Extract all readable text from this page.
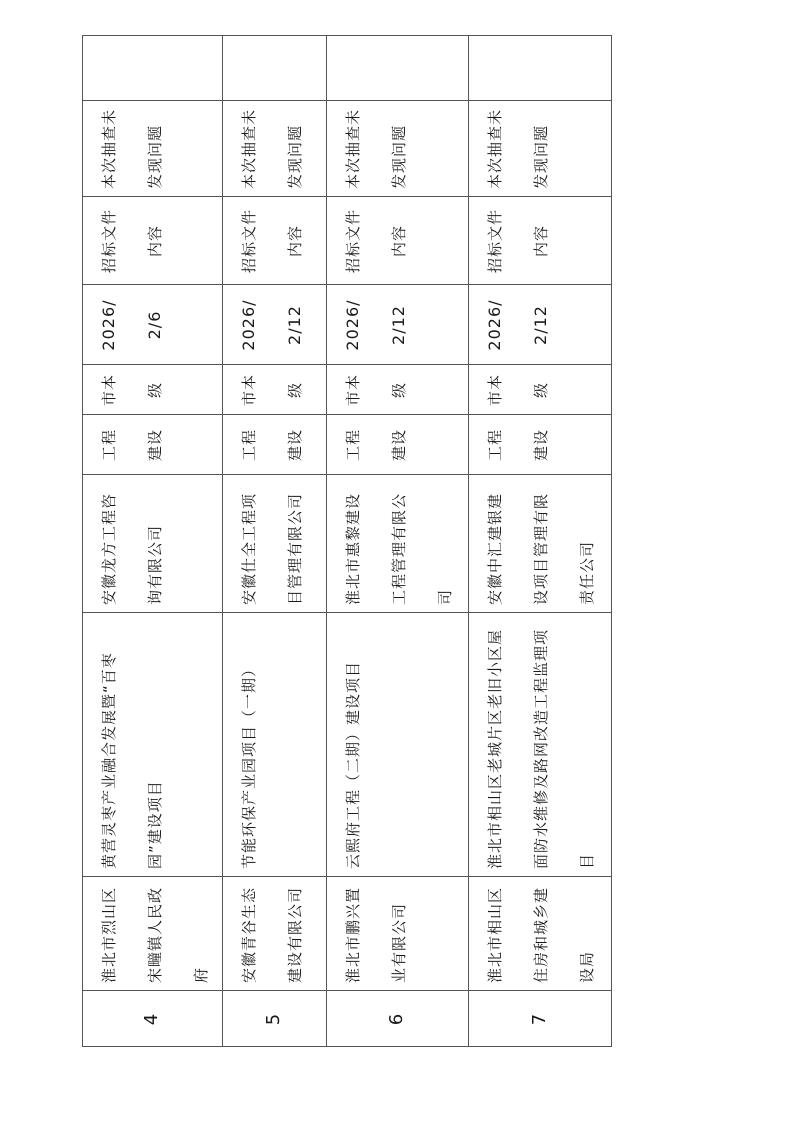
4
淮北市烈山区宋疃镇人民政府
黄营灵枣产业融合发展暨“百枣园”建设项目
安徽龙方工程咨询有限公司
工程建设
市本级
2026/2/6
招标文件内容
本次抽查未发现问题
5
安徽青谷生态建设有限公司
节能环保产业园项目（一期）
安徽仕全工程项目管理有限公司
工程建设
市本级
2026/2/12
招标文件内容
本次抽查未发现问题
6
淮北市鹏兴置业有限公司
云熙府工程（二期）建设项目
淮北市惠黎建设工程管理有限公司
工程建设
市本级
2026/2/12
招标文件内容
本次抽查未发现问题
7
淮北市相山区住房和城乡建设局
淮北市相山区老城片区老旧小区屋面防水维修及路网改造工程监理项目
安徽中汇建银建设项目管理有限责任公司
工程建设
市本级
2026/2/12
招标文件内容
本次抽查未发现问题
